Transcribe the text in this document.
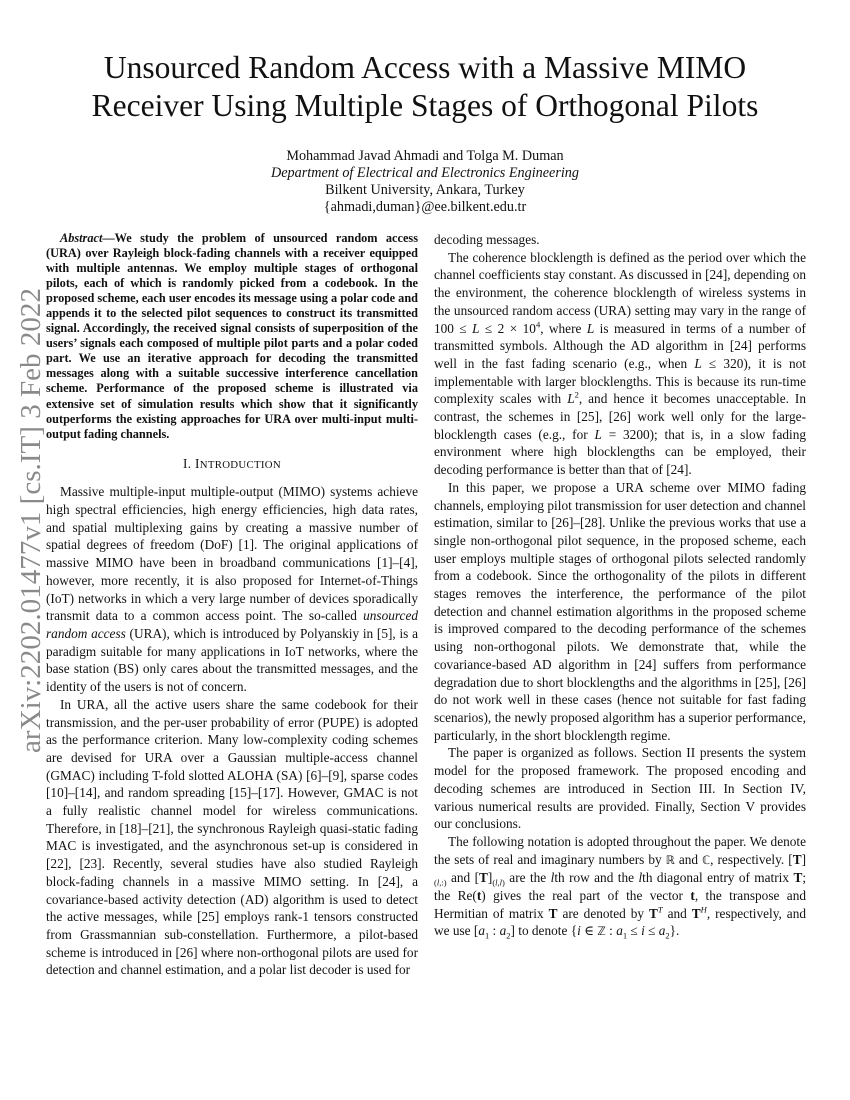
arXiv:2202.01477v1 [cs.IT] 3 Feb 2022
Unsourced Random Access with a Massive MIMO
Receiver Using Multiple Stages of Orthogonal Pilots
Mohammad Javad Ahmadi and Tolga M. Duman
Department of Electrical and Electronics Engineering
Bilkent University, Ankara, Turkey
{ahmadi,duman}@ee.bilkent.edu.tr

Abstract—We study the problem of unsourced random access (URA) over Rayleigh block-fading channels with a receiver equipped with multiple antennas. We employ multiple stages of orthogonal pilots, each of which is randomly picked from a codebook. In the proposed scheme, each user encodes its message using a polar code and appends it to the selected pilot sequences to construct its transmitted signal. Accordingly, the received signal consists of superposition of the users’ signals each composed of multiple pilot parts and a polar coded part. We use an iterative approach for decoding the transmitted messages along with a suitable successive interference cancellation scheme. Performance of the proposed scheme is illustrated via extensive set of simulation results which show that it significantly outperforms the existing approaches for URA over multi-input multi-output fading channels.

I. INTRODUCTION

Massive multiple-input multiple-output (MIMO) systems achieve high spectral efficiencies, high energy efficiencies, high data rates, and spatial multiplexing gains by creating a massive number of spatial degrees of freedom (DoF) [1]. The original applications of massive MIMO have been in broadband communications [1]–[4], however, more recently, it is also proposed for Internet-of-Things (IoT) networks in which a very large number of devices sporadically transmit data to a common access point. The so-called unsourced random access (URA), which is introduced by Polyanskiy in [5], is a paradigm suitable for many applications in IoT networks, where the base station (BS) only cares about the transmitted messages, and the identity of the users is not of concern.

In URA, all the active users share the same codebook for their transmission, and the per-user probability of error (PUPE) is adopted as the performance criterion. Many low-complexity coding schemes are devised for URA over a Gaussian multiple-access channel (GMAC) including T-fold slotted ALOHA (SA) [6]–[9], sparse codes [10]–[14], and random spreading [15]–[17]. However, GMAC is not a fully realistic channel model for wireless communications. Therefore, in [18]–[21], the synchronous Rayleigh quasi-static fading MAC is investigated, and the asynchronous set-up is considered in [22], [23]. Recently, several studies have also studied Rayleigh block-fading channels in a massive MIMO setting. In [24], a covariance-based activity detection (AD) algorithm is used to detect the active messages, while [25] employs rank-1 tensors constructed from Grassmannian sub-constellation. Furthermore, a pilot-based scheme is introduced in [26] where non-orthogonal pilots are used for detection and channel estimation, and a polar list decoder is used for

decoding messages.

The coherence blocklength is defined as the period over which the channel coefficients stay constant. As discussed in [24], depending on the environment, the coherence blocklength of wireless systems in the unsourced random access (URA) setting may vary in the range of $100 \le L \le 2 \times 10^4$, where L is measured in terms of a number of transmitted symbols. Although the AD algorithm in [24] performs well in the fast fading scenario (e.g., when L ≤ 320), it is not implementable with larger blocklengths. This is because its run-time complexity scales with $L^2$, and hence it becomes unacceptable. In contrast, the schemes in [25], [26] work well only for the large-blocklength cases (e.g., for L = 3200); that is, in a slow fading environment where high blocklengths can be employed, their decoding performance is better than that of [24].

In this paper, we propose a URA scheme over MIMO fading channels, employing pilot transmission for user detection and channel estimation, similar to [26]–[28]. Unlike the previous works that use a single non-orthogonal pilot sequence, in the proposed scheme, each user employs multiple stages of orthogonal pilots selected randomly from a codebook. Since the orthogonality of the pilots in different stages removes the interference, the performance of the pilot detection and channel estimation algorithms in the proposed scheme is improved compared to the decoding performance of the schemes using non-orthogonal pilots. We demonstrate that, while the covariance-based AD algorithm in [24] suffers from performance degradation due to short blocklengths and the algorithms in [25], [26] do not work well in these cases (hence not suitable for fast fading scenarios), the newly proposed algorithm has a superior performance, particularly, in the short blocklength regime.

The paper is organized as follows. Section II presents the system model for the proposed framework. The proposed encoding and decoding schemes are introduced in Section III. In Section IV, various numerical results are provided. Finally, Section V provides our conclusions.

The following notation is adopted throughout the paper. We denote the sets of real and imaginary numbers by ℝ and ℂ, respectively. $[T]_{(l,:)}$ and $[T]_{(l,l)}$ are the lth row and the lth diagonal entry of matrix T; the Re(t) gives the real part of the vector t, the transpose and Hermitian of matrix T are denoted by $T^T$ and $T^H$, respectively, and we use [$a_1$ : $a_2$] to denote {i ∈ ℤ : $a_1 \le i \le a_2$}.
